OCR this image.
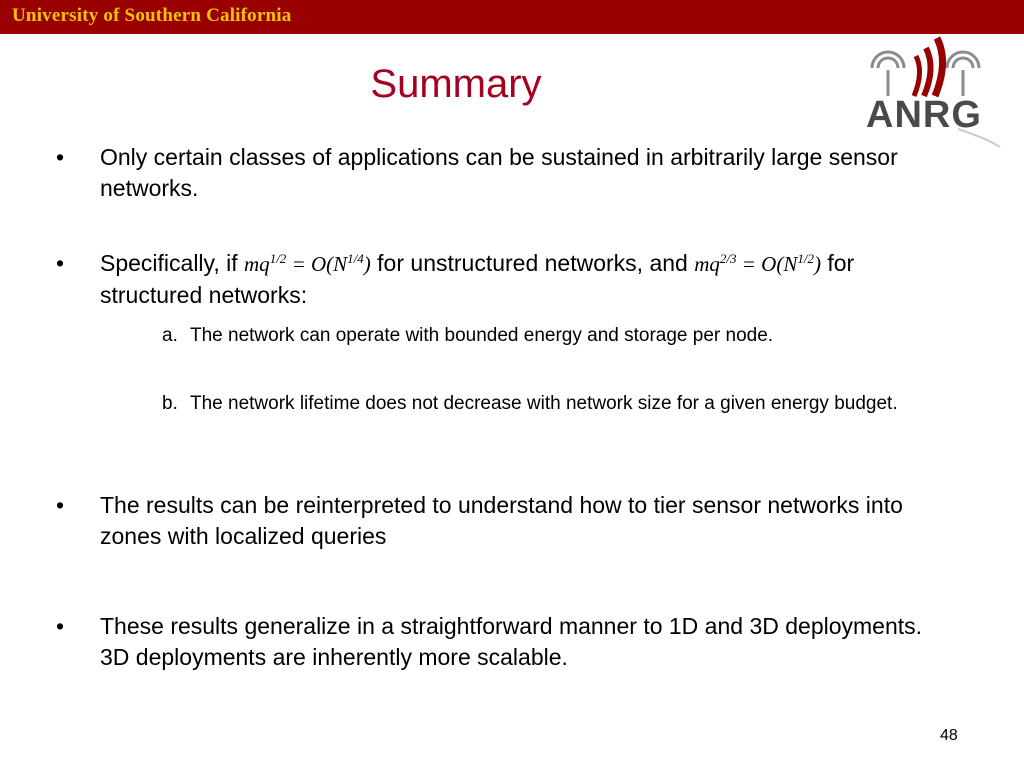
University of Southern California
Summary
ANRG
• Only certain classes of applications can be sustained in arbitrarily large sensor networks.
• Specifically, if $mq^{1/2} = O(N^{1/4})$ for unstructured networks, and $mq^{2/3} = O(N^{1/2})$ for structured networks:
a. The network can operate with bounded energy and storage per node.
b. The network lifetime does not decrease with network size for a given energy budget.
• The results can be reinterpreted to understand how to tier sensor networks into zones with localized queries
• These results generalize in a straightforward manner to 1D and 3D deployments. 3D deployments are inherently more scalable.
48
